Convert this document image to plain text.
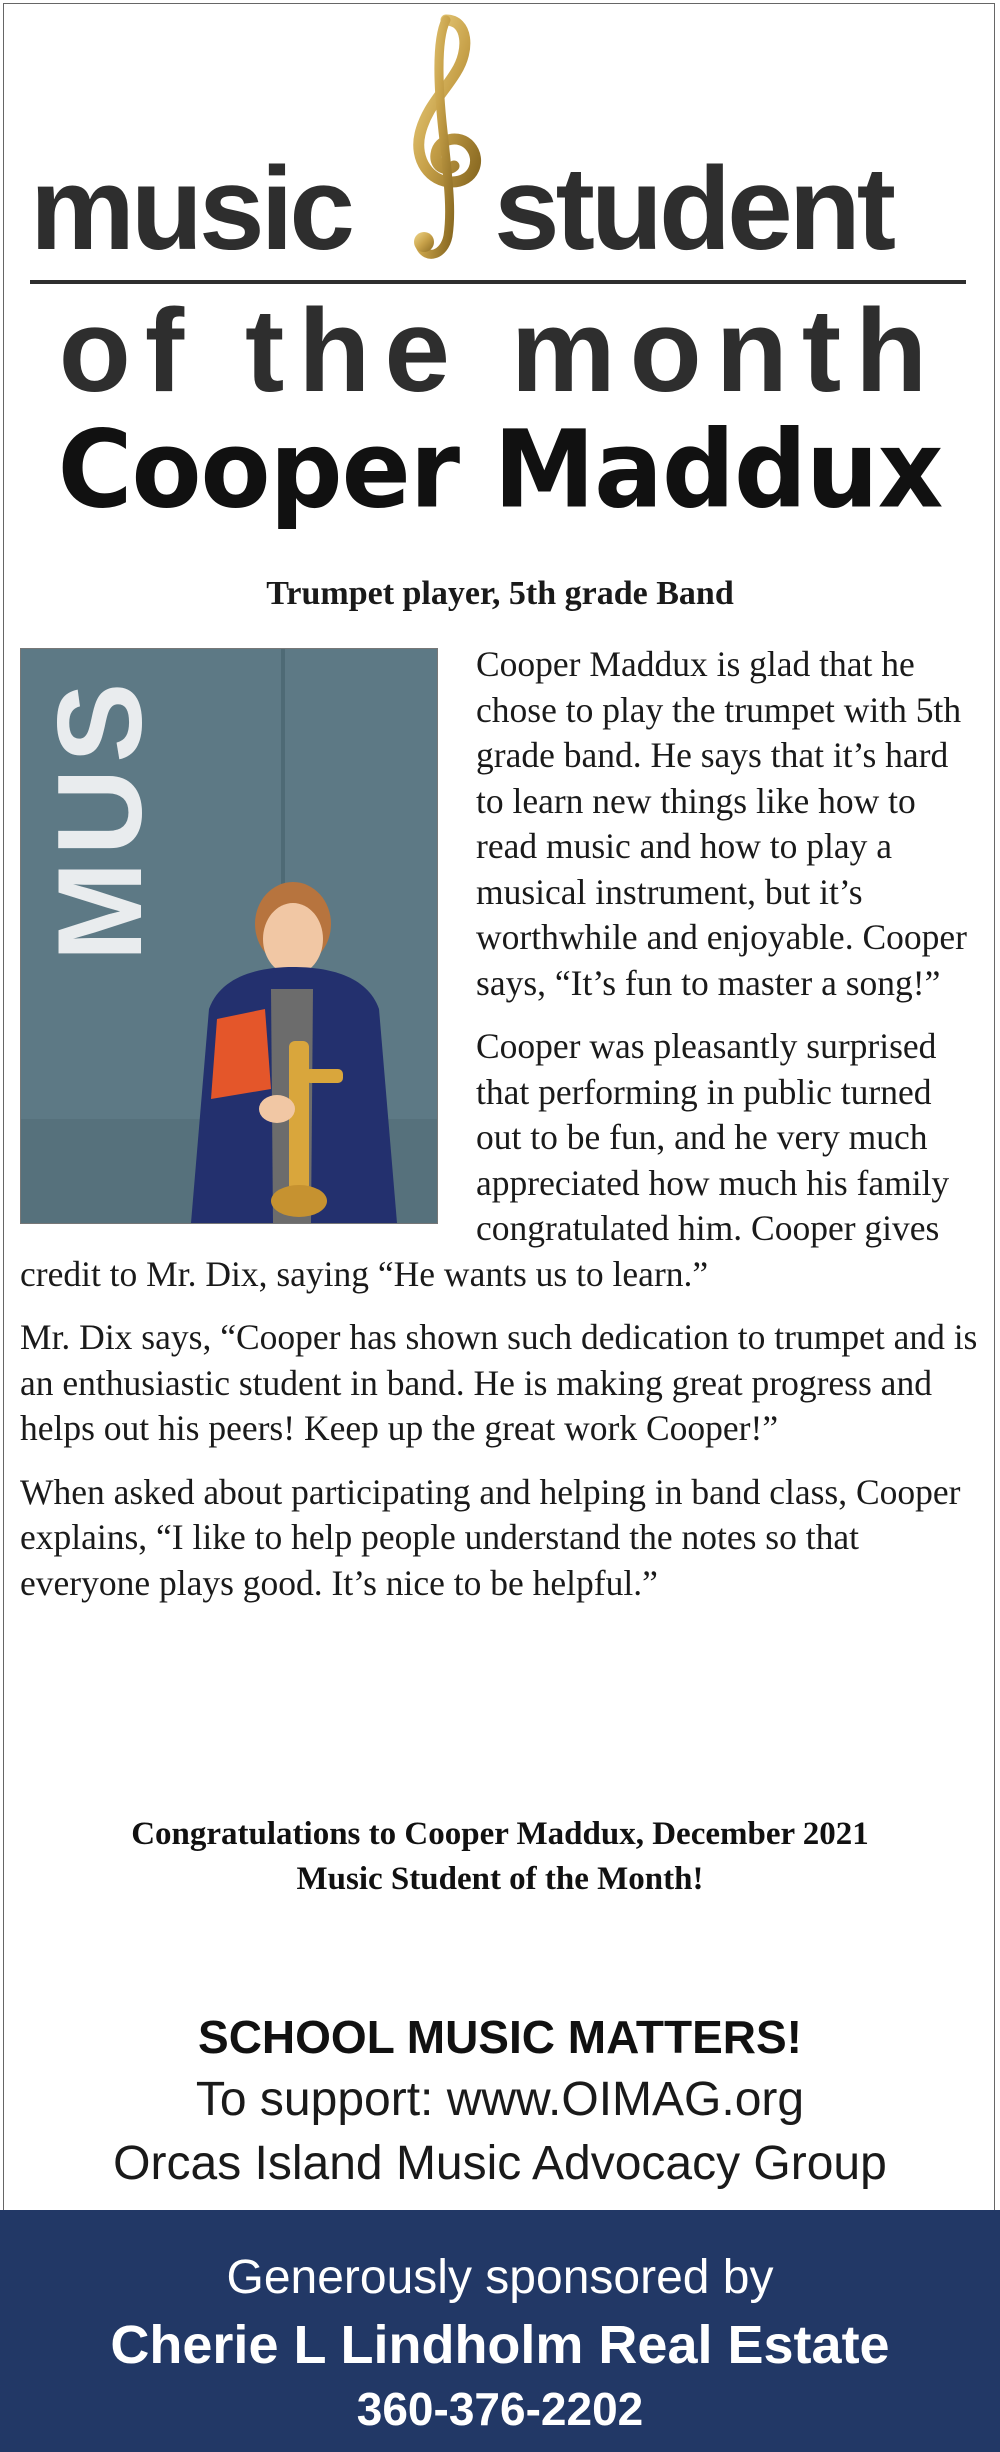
music student
of the month
Cooper Maddux
Trumpet player, 5th grade Band
MUS

Cooper Maddux is glad that he chose to play the trumpet with 5th grade band. He says that it’s hard to learn new things like how to read music and how to play a musical instrument, but it’s worthwhile and enjoyable. Cooper says, “It’s fun to master a song!”

Cooper was pleasantly surprised that performing in public turned out to be fun, and he very much appreciated how much his family congratulated him. Cooper gives credit to Mr. Dix, saying “He wants us to learn.”

Mr. Dix says, “Cooper has shown such dedication to trumpet and is an enthusiastic student in band. He is making great progress and helps out his peers! Keep up the great work Cooper!”

When asked about participating and helping in band class, Cooper explains, “I like to help people understand the notes so that everyone plays good. It’s nice to be helpful.”

Congratulations to Cooper Maddux, December 2021
Music Student of the Month!
SCHOOL MUSIC MATTERS!
To support: www.OIMAG.org
Orcas Island Music Advocacy Group
Generously sponsored by
Cherie L Lindholm Real Estate
360-376-2202
